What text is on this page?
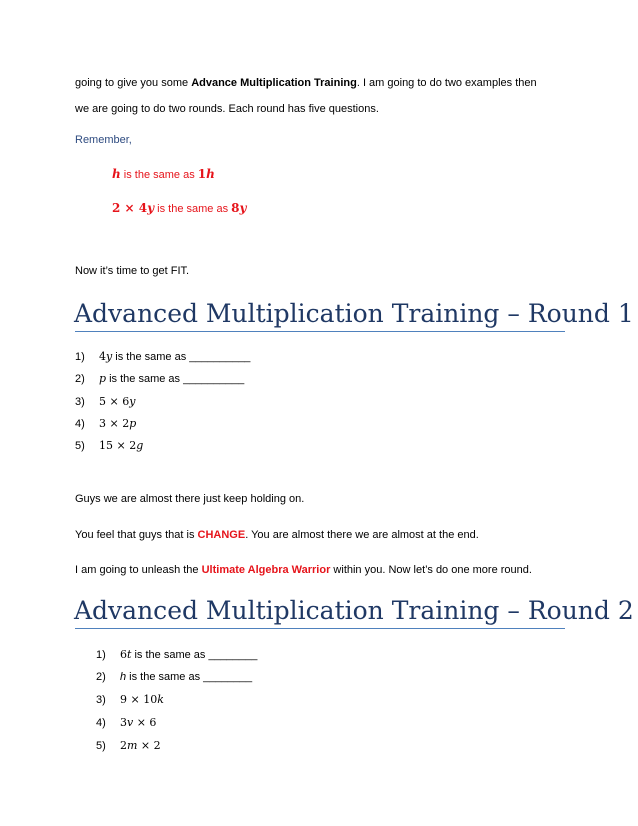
going to give you some Advance Multiplication Training. I am going to do two examples then
we are going to do two rounds. Each round has five questions.
Remember,
h is the same as 1h
2 × 4y is the same as 8y
Now it’s time to get FIT.
Advanced Multiplication Training – Round 1
1) 4𝑦 is the same as __________
2) 𝑝 is the same as __________
3) 5 × 6𝑦
4) 3 × 2𝑝
5) 15 × 2𝑔
Guys we are almost there just keep holding on.
You feel that guys that is CHANGE. You are almost there we are almost at the end.
I am going to unleash the Ultimate Algebra Warrior within you. Now let’s do one more round.
Advanced Multiplication Training – Round 2
1) 6𝑡 is the same as ________
2) h is the same as ________
3) 9 × 10𝑘
4) 3𝑣 × 6
5) 2𝑚 × 2
